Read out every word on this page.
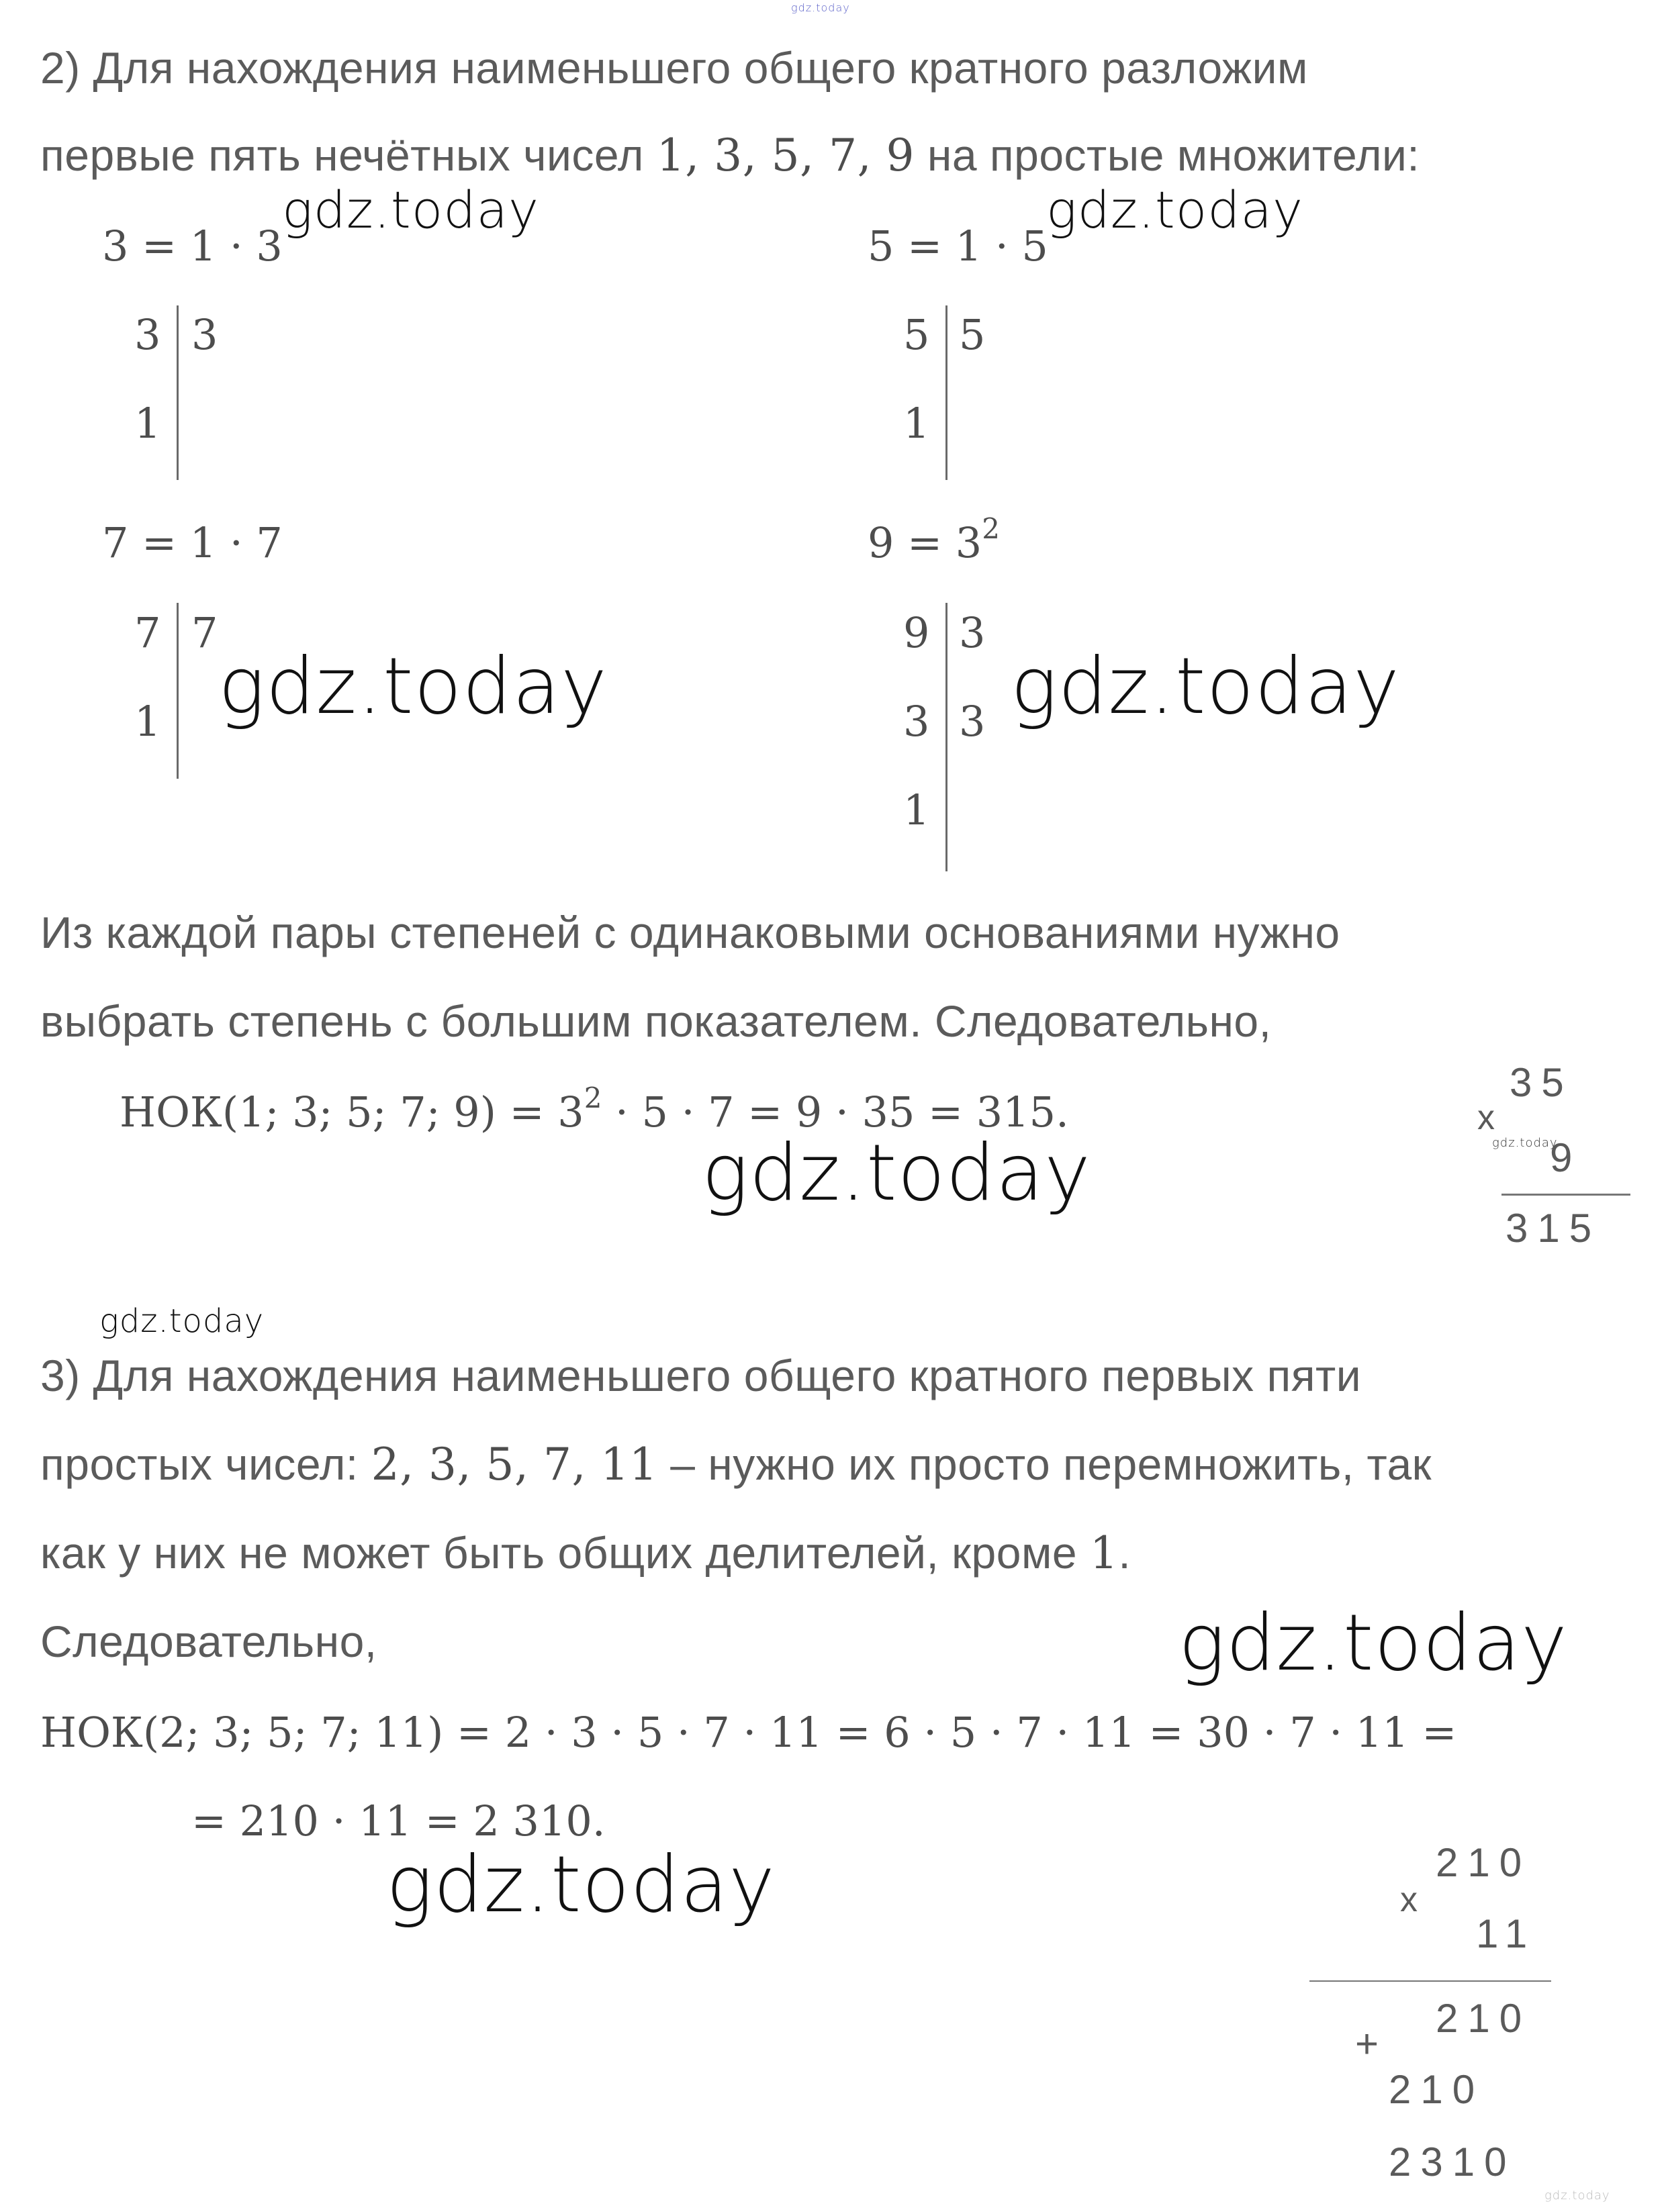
gdz.today
2) Для нахождения наименьшего общего кратного разложим
первые пять нечётных чисел 1, 3, 5, 7, 9 на простые множители:
3 = 1 · 3
gdz.today
3
1
3
5 = 1 · 5
gdz.today
5
1
5
7 = 1 · 7
7
1
7
gdz.today
$9 = 3^2$
9
3
1
3
3 gdz.today
Из каждой пары степеней с одинаковыми основаниями нужно
выбрать степень с большим показателем. Следовательно,
НОК(1; 3; 5; 7; $9) = 3^2 \cdot 5 \cdot 7 = 9 \cdot 35 = 315$.
gdz.today
35
x
gdz.today
9
315
gdz.today
3) Для нахождения наименьшего общего кратного первых пяти
простых чисел: 2, 3, 5, 7, 11 – нужно их просто перемножить, так
как у них не может быть общих делителей, кроме 1.
Следовательно,	gdz.today
НОК(2; 3; 5; 7; 11) = 2 · 3 · 5 · 7 · 11 = 6 · 5 · 7 · 11 = 30 · 7 · 11 =
= 210 · 11 = 2 310.
gdz.today	210
x
11
210
+
210
2310
gdz.today
